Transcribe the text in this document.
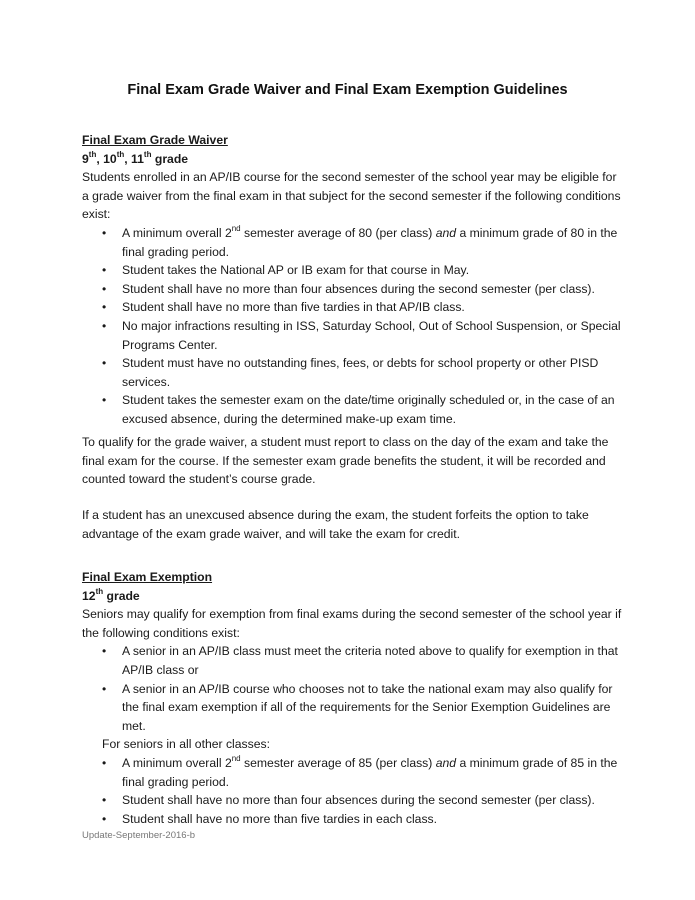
Final Exam Grade Waiver and Final Exam Exemption Guidelines

Final Exam Grade Waiver

9th, 10th, 11th grade

Students enrolled in an AP/IB course for the second semester of the school year may be eligible for a grade waiver from the final exam in that subject for the second semester if the following conditions exist:

• A minimum overall 2nd semester average of 80 (per class) and a minimum grade of 80 in the final grading period.
• Student takes the National AP or IB exam for that course in May.
• Student shall have no more than four absences during the second semester (per class).
• Student shall have no more than five tardies in that AP/IB class.
• No major infractions resulting in ISS, Saturday School, Out of School Suspension, or Special Programs Center.
• Student must have no outstanding fines, fees, or debts for school property or other PISD services.
• Student takes the semester exam on the date/time originally scheduled or, in the case of an excused absence, during the determined make-up exam time.

To qualify for the grade waiver, a student must report to class on the day of the exam and take the final exam for the course. If the semester exam grade benefits the student, it will be recorded and counted toward the student’s course grade.

If a student has an unexcused absence during the exam, the student forfeits the option to take advantage of the exam grade waiver, and will take the exam for credit.

Final Exam Exemption

12th grade

Seniors may qualify for exemption from final exams during the second semester of the school year if the following conditions exist:

• A senior in an AP/IB class must meet the criteria noted above to qualify for exemption in that AP/IB class or
• A senior in an AP/IB course who chooses not to take the national exam may also qualify for the final exam exemption if all of the requirements for the Senior Exemption Guidelines are met.

For seniors in all other classes:

• A minimum overall 2nd semester average of 85 (per class) and a minimum grade of 85 in the final grading period.
• Student shall have no more than four absences during the second semester (per class).
• Student shall have no more than five tardies in each class.
Update-September-2016-b
